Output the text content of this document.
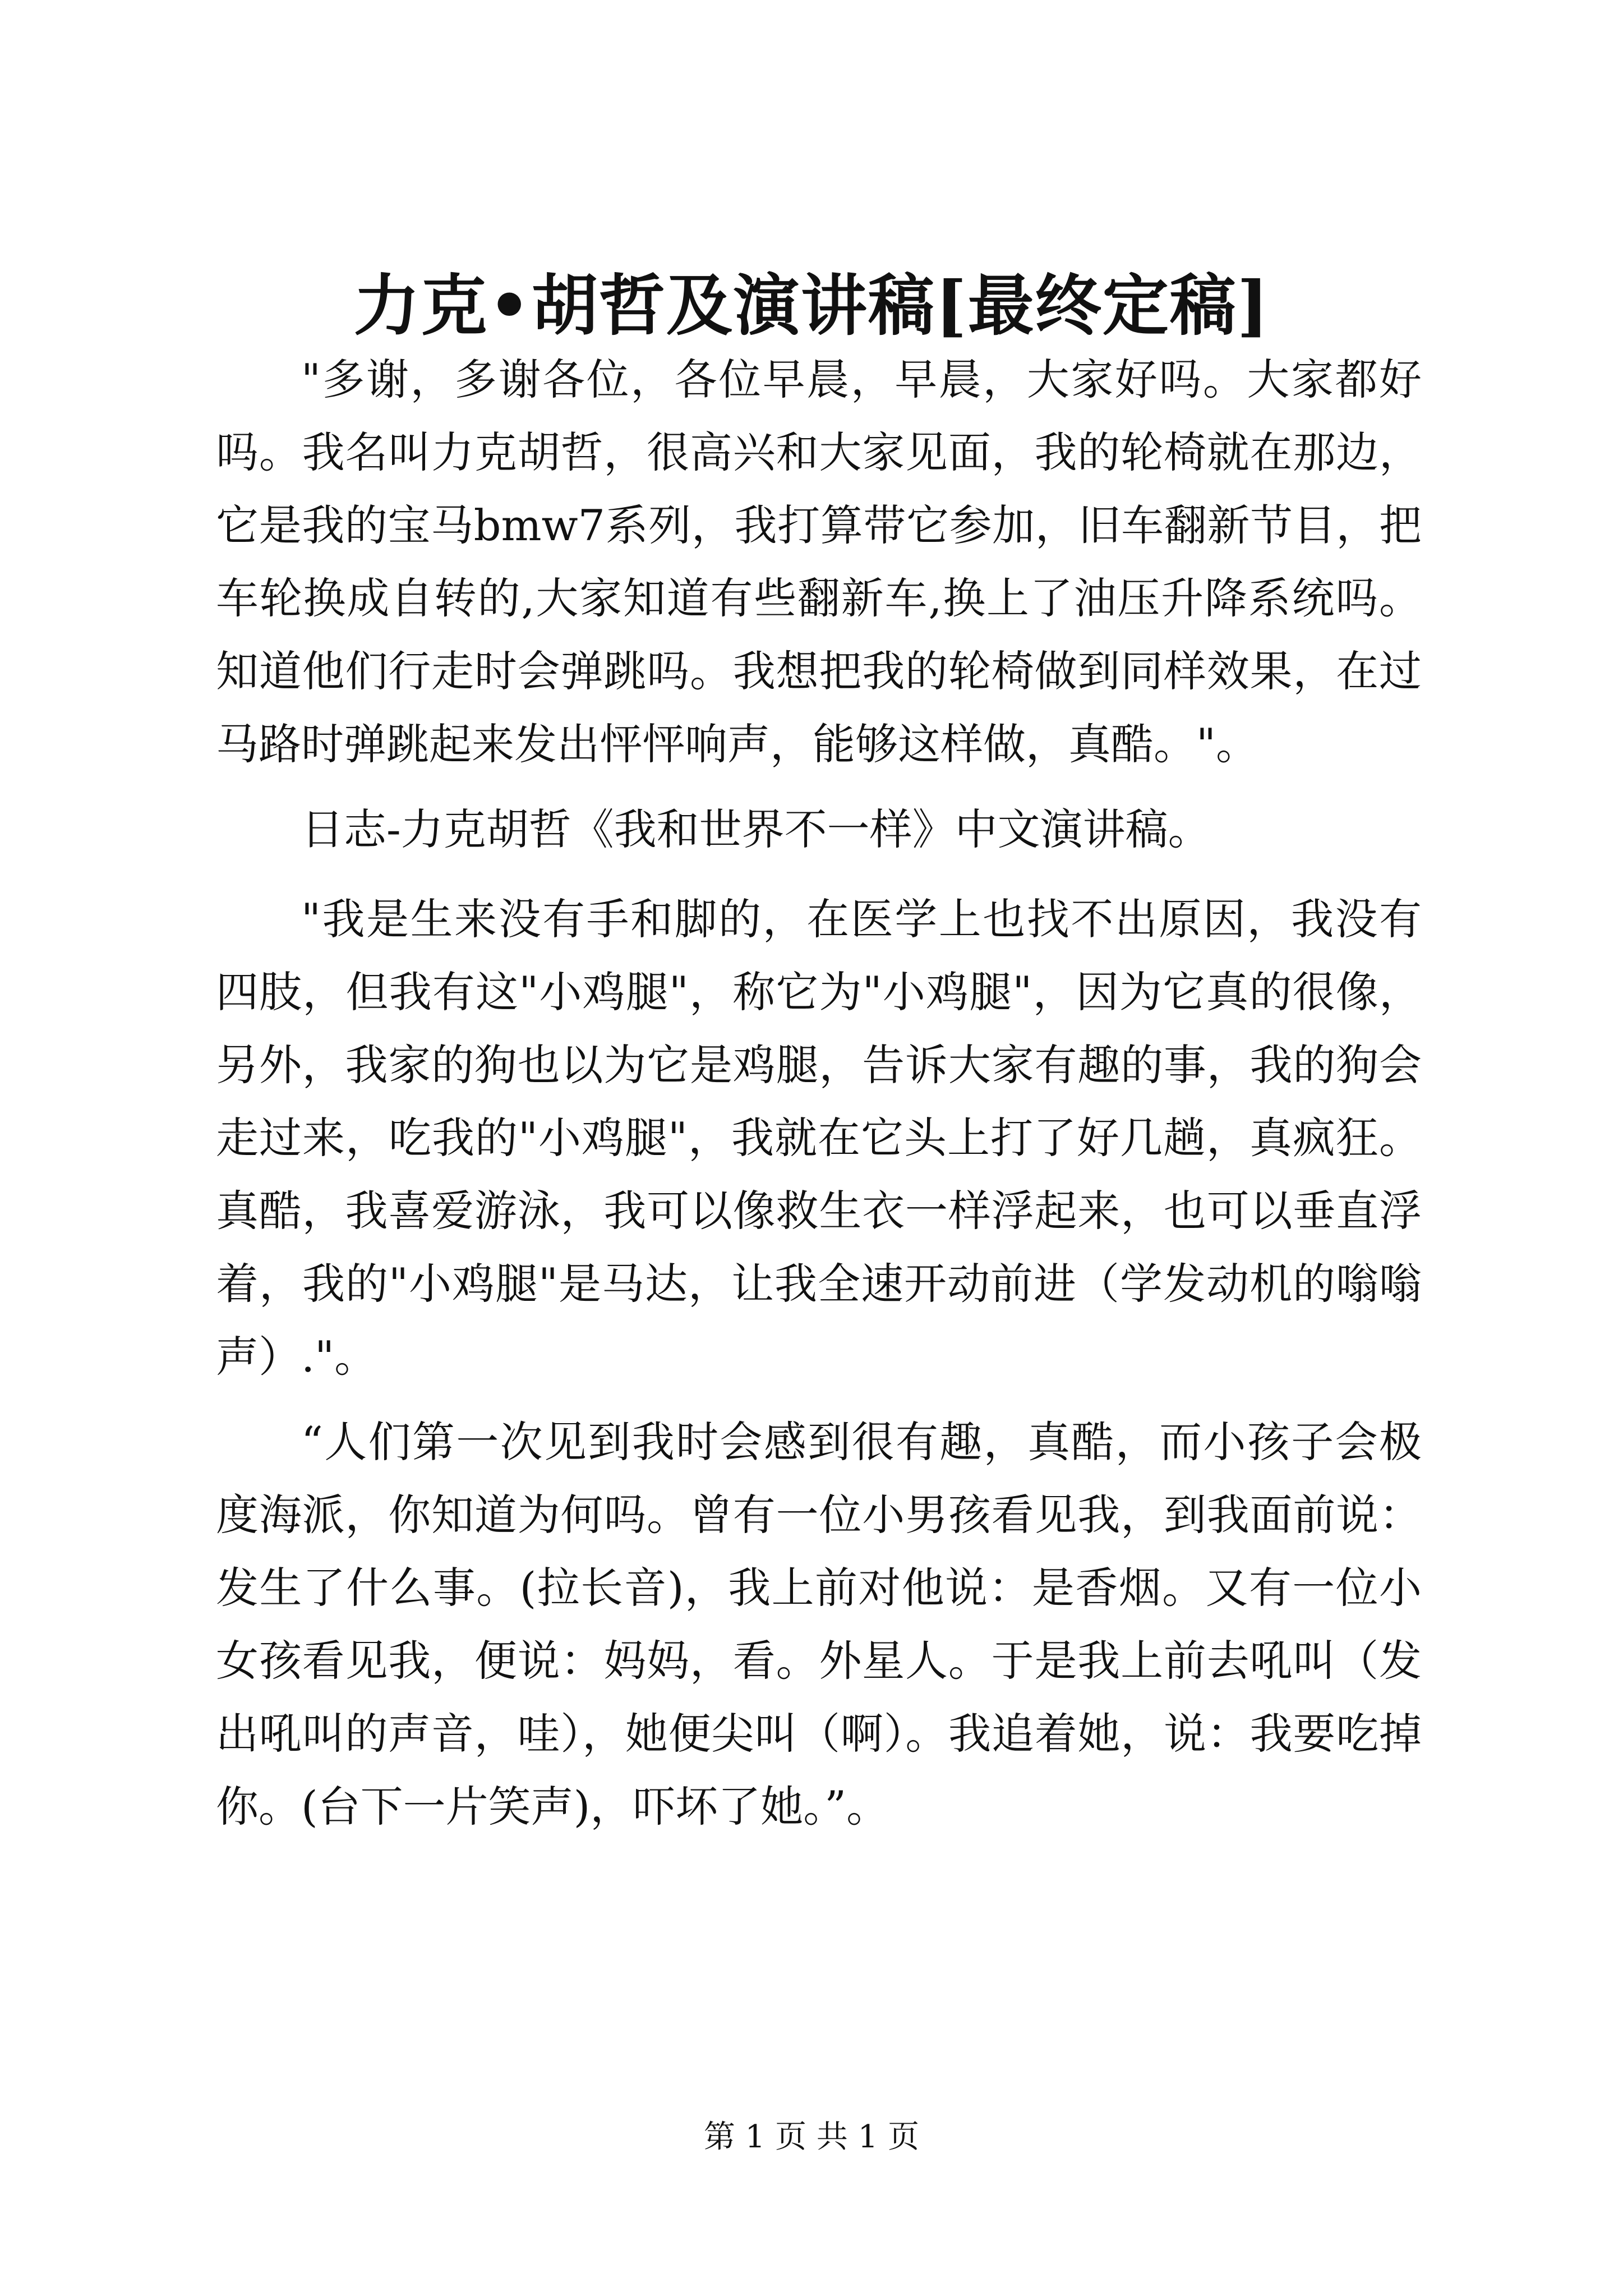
力克•胡哲及演讲稿[最终定稿]

"多谢，多谢各位，各位早晨，早晨，大家好吗。大家都好吗。我名叫力克胡哲，很高兴和大家见面，我的轮椅就在那边，它是我的宝马bmw7系列，我打算带它参加，旧车翻新节目，把车轮换成自转的,大家知道有些翻新车,换上了油压升降系统吗。知道他们行走时会弹跳吗。我想把我的轮椅做到同样效果，在过马路时弹跳起来发出怦怦响声，能够这样做，真酷。"。

日志-力克胡哲《我和世界不一样》中文演讲稿。

"我是生来没有手和脚的，在医学上也找不出原因，我没有四肢，但我有这"小鸡腿"，称它为"小鸡腿"，因为它真的很像，另外，我家的狗也以为它是鸡腿，告诉大家有趣的事，我的狗会走过来，吃我的"小鸡腿"，我就在它头上打了好几趟，真疯狂。真酷，我喜爱游泳，我可以像救生衣一样浮起来，也可以垂直浮着，我的"小鸡腿"是马达，让我全速开动前进（学发动机的嗡嗡声）."。

“人们第一次见到我时会感到很有趣，真酷，而小孩子会极度海派，你知道为何吗。曾有一位小男孩看见我，到我面前说：发生了什么事。(拉长音)，我上前对他说：是香烟。又有一位小女孩看见我，便说：妈妈，看。外星人。于是我上前去吼叫（发出吼叫的声音，哇），她便尖叫（啊）。我追着她，说：我要吃掉你。(台下一片笑声)，吓坏了她。”。

第 1 页 共 1 页
